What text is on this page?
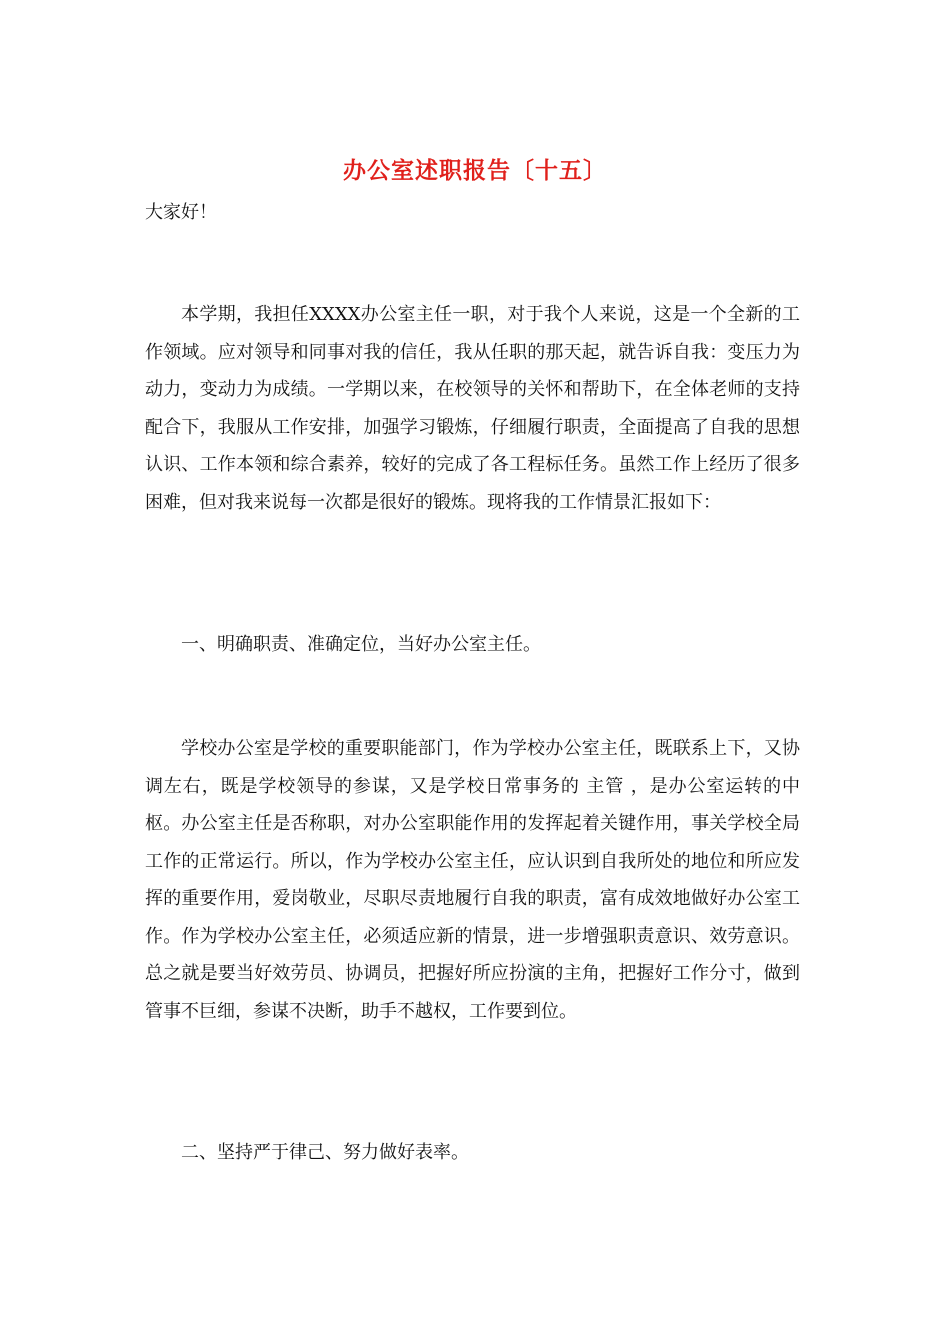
办公室述职报告〔十五〕
大家好！

本学期，我担任XXXX办公室主任一职，对于我个人来说，这是一个全新的工作领域。应对领导和同事对我的信任，我从任职的那天起，就告诉自我：变压力为动力，变动力为成绩。一学期以来，在校领导的关怀和帮助下，在全体老师的支持配合下，我服从工作安排，加强学习锻炼，仔细履行职责，全面提高了自我的思想认识、工作本领和综合素养，较好的完成了各工程标任务。虽然工作上经历了很多困难，但对我来说每一次都是很好的锻炼。现将我的工作情景汇报如下：

一、明确职责、准确定位，当好办公室主任。

学校办公室是学校的重要职能部门，作为学校办公室主任，既联系上下，又协调左右，既是学校领导的参谋，又是学校日常事务的 主管 ，是办公室运转的中枢。办公室主任是否称职，对办公室职能作用的发挥起着关键作用，事关学校全局工作的正常运行。所以，作为学校办公室主任，应认识到自我所处的地位和所应发挥的重要作用，爱岗敬业，尽职尽责地履行自我的职责，富有成效地做好办公室工作。作为学校办公室主任，必须适应新的情景，进一步增强职责意识、效劳意识。总之就是要当好效劳员、协调员，把握好所应扮演的主角，把握好工作分寸，做到管事不巨细，参谋不决断，助手不越权，工作要到位。

二、坚持严于律己、努力做好表率。
